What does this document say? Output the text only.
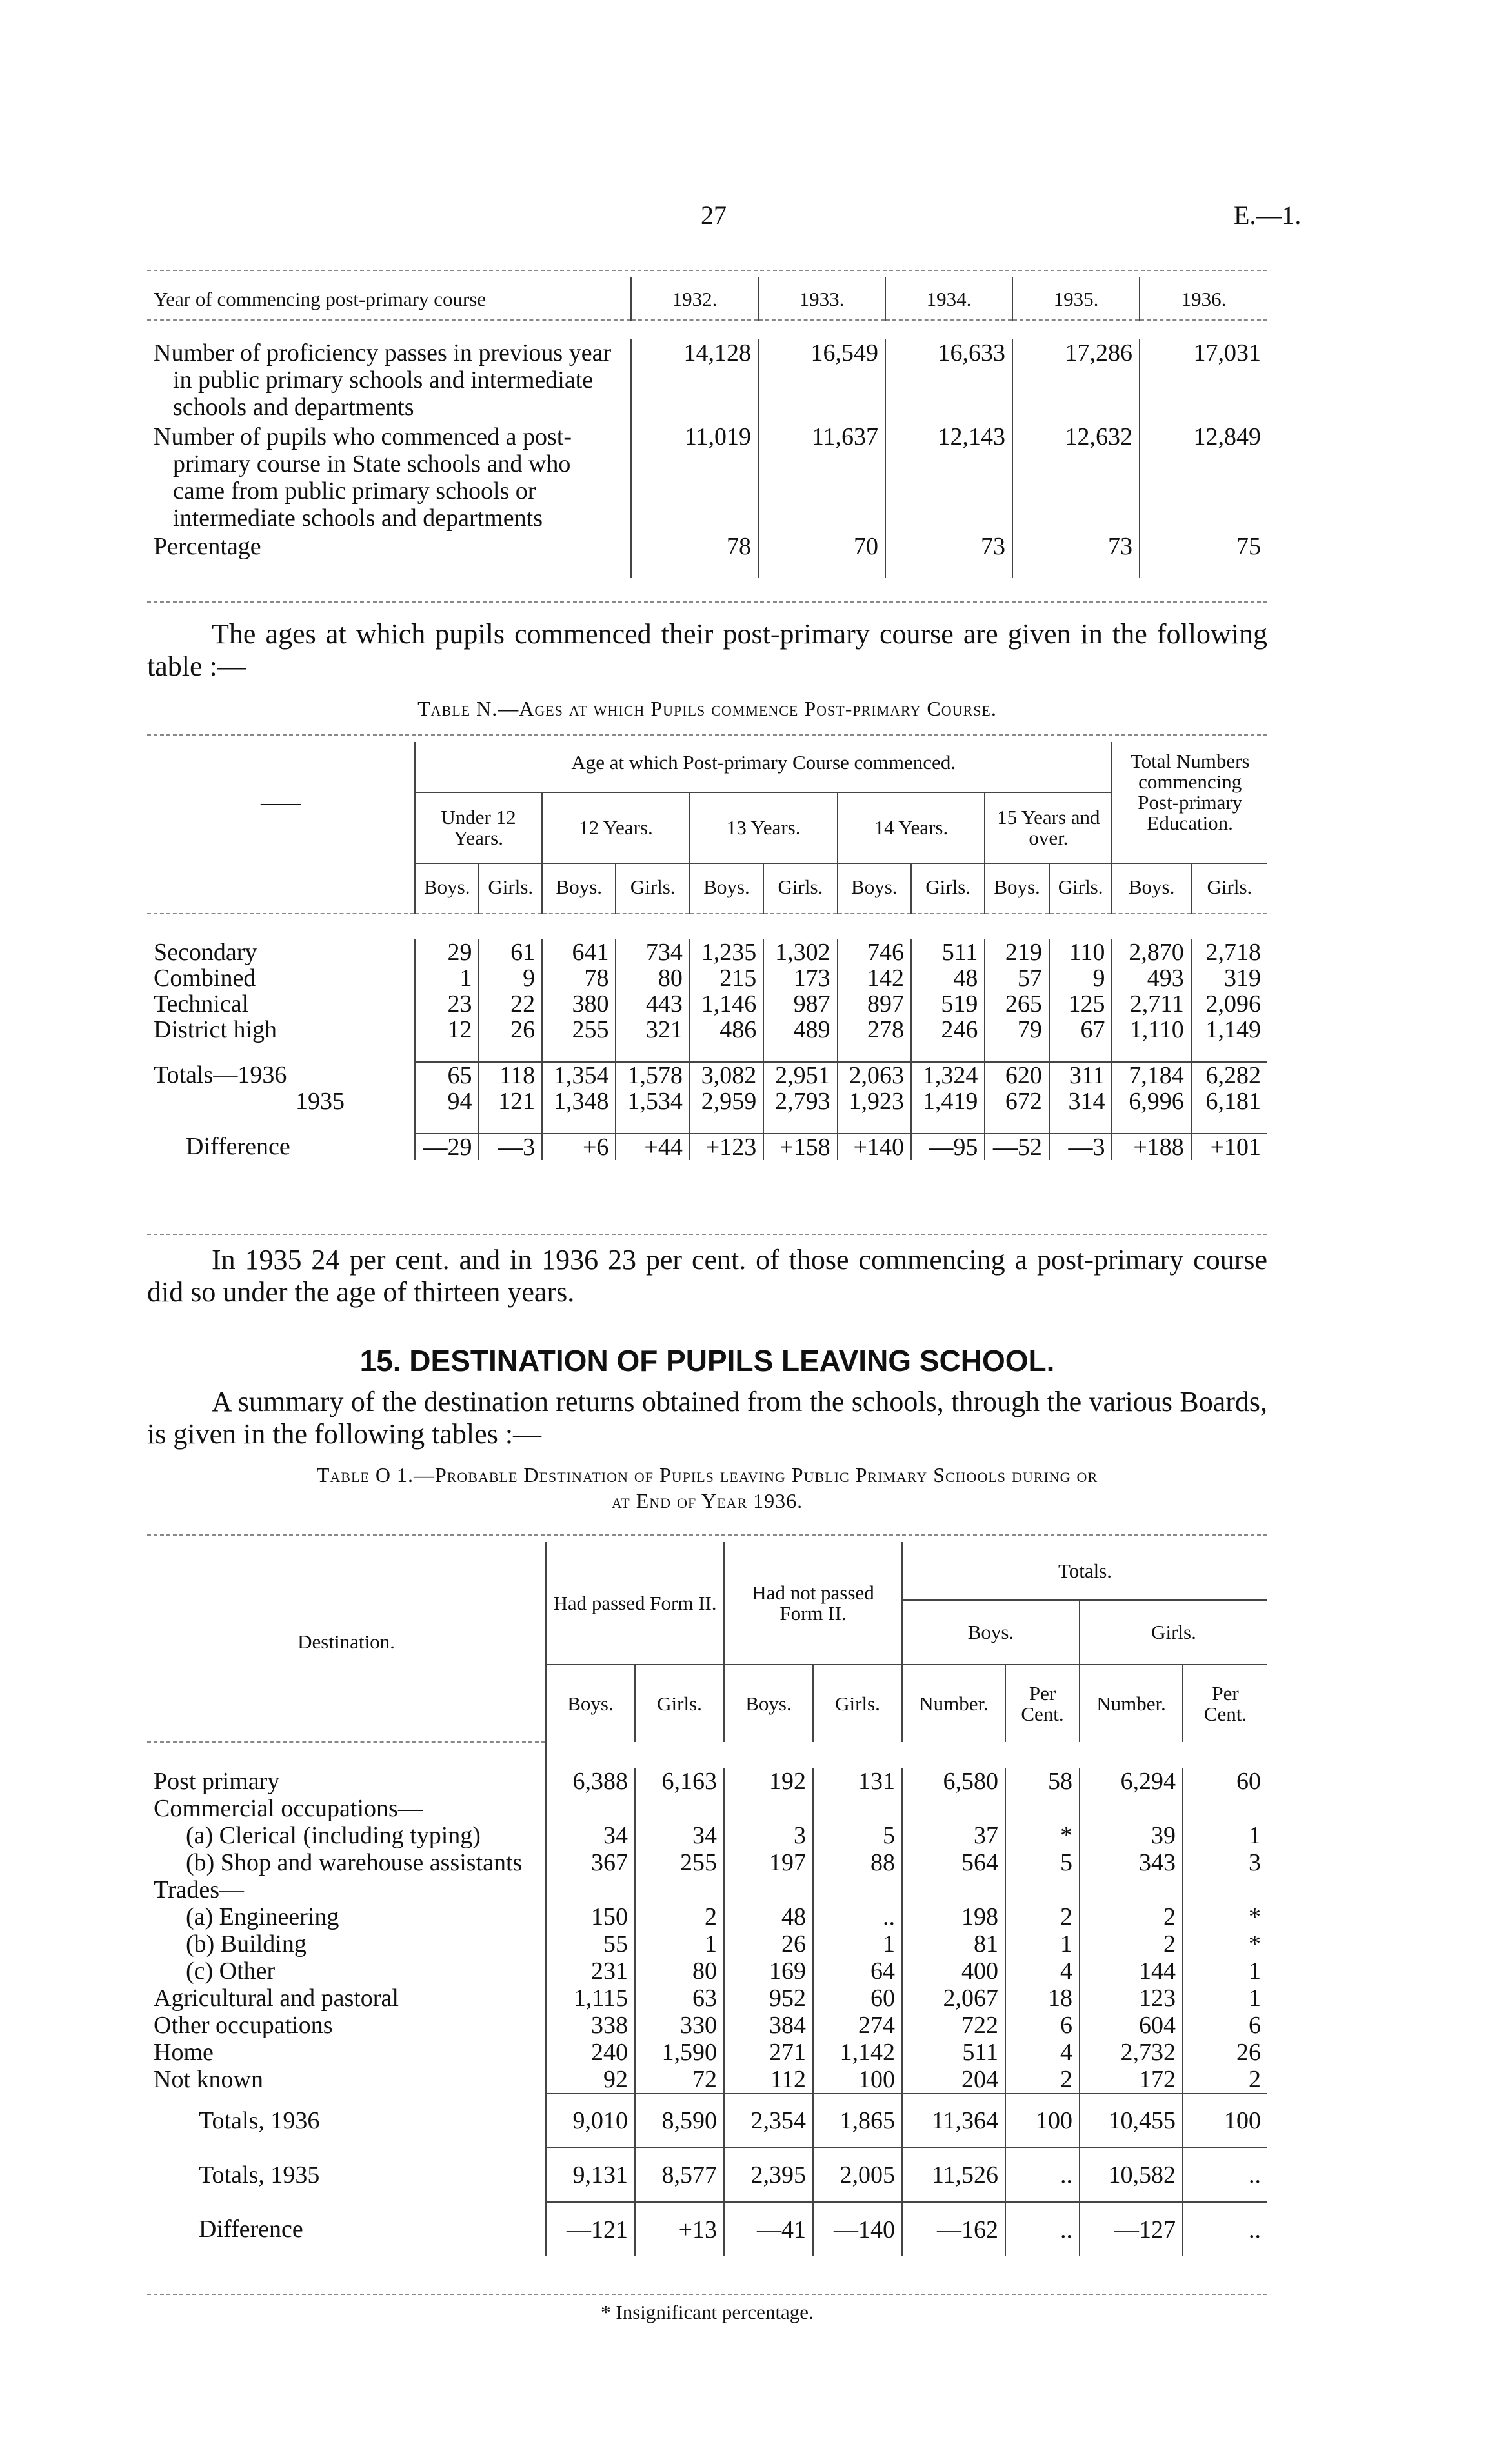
27	E.—1.
Year of commencing post-primary course	1932.	1933.	1934.	1935.	1936.

Number of proficiency passes in previous year in public primary schools and intermediate schools and departments	14,128	16,549	16,633	17,286	17,031
Number of pupils who commenced a post-primary course in State schools and who came from public primary schools or intermediate schools and departments	11,019	11,637	12,143	12,632	12,849
Percentage	78	70	73	73	75
The ages at which pupils commenced their post-primary course are given in the following table :—
Table N.—Ages at which Pupils commence Post-primary Course.
——	Age at which Post-primary Course commenced.										Total Numbers commencing Post-primary Education.	
	Under 12 Years.		12 Years.		13 Years.		14 Years.		15 Years and over.			
	Boys.	Girls.	Boys.	Girls.	Boys.	Girls.	Boys.	Girls.	Boys.	Girls.	Boys.	Girls.

Secondary	29	61	641	734	1,235	1,302	746	511	219	110	2,870	2,718
Combined	1	9	78	80	215	173	142	48	57	9	493	319
Technical	23	22	380	443	1,146	987	897	519	265	125	2,711	2,096
District high	12	26	255	321	486	489	278	246	79	67	1,110	1,149

Totals—1936	65	118	1,354	1,578	3,082	2,951	2,063	1,324	620	311	7,184	6,282
1935	94	121	1,348	1,534	2,959	2,793	1,923	1,419	672	314	6,996	6,181

Difference	—29	—3	+6	+44	+123	+158	+140	—95	—52	—3	+188	+101
In 1935 24 per cent. and in 1936 23 per cent. of those commencing a post-primary course did so under the age of thirteen years.
15. DESTINATION OF PUPILS LEAVING SCHOOL.
A summary of the destination returns obtained from the schools, through the various Boards, is given in the following tables :—
Table O 1.—Probable Destination of Pupils leaving Public Primary Schools during or
at End of Year 1936.
Destination.	Had passed Form II.		Had not passed Form II.		Totals.			
					Boys.		Girls.	
	Boys.	Girls.	Boys.	Girls.	Number.	Per Cent.	Number.	Per Cent.

Post primary	6,388	6,163	192	131	6,580	58	6,294	60
Commercial occupations—								
(a) Clerical (including typing)	34	34	3	5	37	*	39	1
(b) Shop and warehouse assistants	367	255	197	88	564	5	343	3
Trades—								
(a) Engineering	150	2	48	..	198	2	2	*
(b) Building	55	1	26	1	81	1	2	*
(c) Other	231	80	169	64	400	4	144	1
Agricultural and pastoral	1,115	63	952	60	2,067	18	123	1
Other occupations	338	330	384	274	722	6	604	6
Home	240	1,590	271	1,142	511	4	2,732	26
Not known	92	72	112	100	204	2	172	2
Totals, 1936	9,010	8,590	2,354	1,865	11,364	100	10,455	100
Totals, 1935	9,131	8,577	2,395	2,005	11,526	..	10,582	..
Difference	—121	+13	—41	—140	—162	..	—127	..
* Insignificant percentage.
